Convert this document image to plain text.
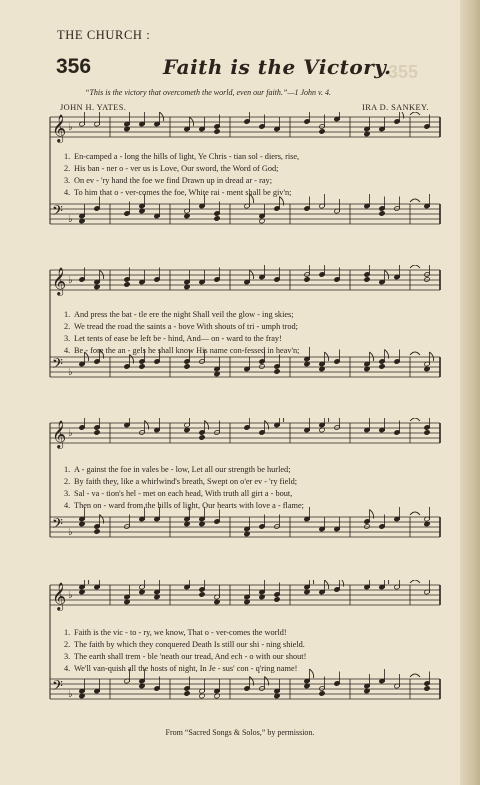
THE CHURCH :
356	Faith is the Victory.
355
“This is the victory that overcometh the world, even our faith.”—1 John v. 4.
JOHN H. YATES.	IRA D. SANKEY.
𝄞 ♭
𝄢 ♭
1. En-camped a - long the hills of light, Ye Chris - tian sol - diers, rise,
2. His ban - ner o - ver us is Love, Our sword, the Word of God;
3. On ev - 'ry hand the foe we find Drawn up in dread ar - ray;
4. To him that o - ver-comes the foe, White rai - ment shall be giv'n;
𝄞 ♭
𝄢 ♭
1. And press the bat - tle ere the night Shall veil the glow - ing skies;
2. We tread the road the saints a - bove With shouts of tri - umph trod;
3. Let tents of ease be left be - hind, And— on - ward to the fray!
4. Be - fore the an - gels he shall know His name con-fessed in heav'n;
𝄞 ♭
𝄢 ♭
1. A - gainst the foe in vales be - low, Let all our strength be hurled;
2. By faith they, like a whirlwind's breath, Swept on o'er ev - 'ry field;
3. Sal - va - tion's hel - met on each head, With truth all girt a - bout,
4. Then on - ward from the hills of light, Our hearts with love a - flame;
𝄞 ♭
𝄢 ♭
1. Faith is the vic - to - ry, we know, That o - ver-comes the world!
2. The faith by which they conquered Death Is still our shi - ning shield.
3. The earth shall trem - ble 'neath our tread, And ech - o with our shout!
4. We'll van-quish all the hosts of night, In Je - sus' con - q'ring name!
From “Sacred Songs & Solos,” by permission.
